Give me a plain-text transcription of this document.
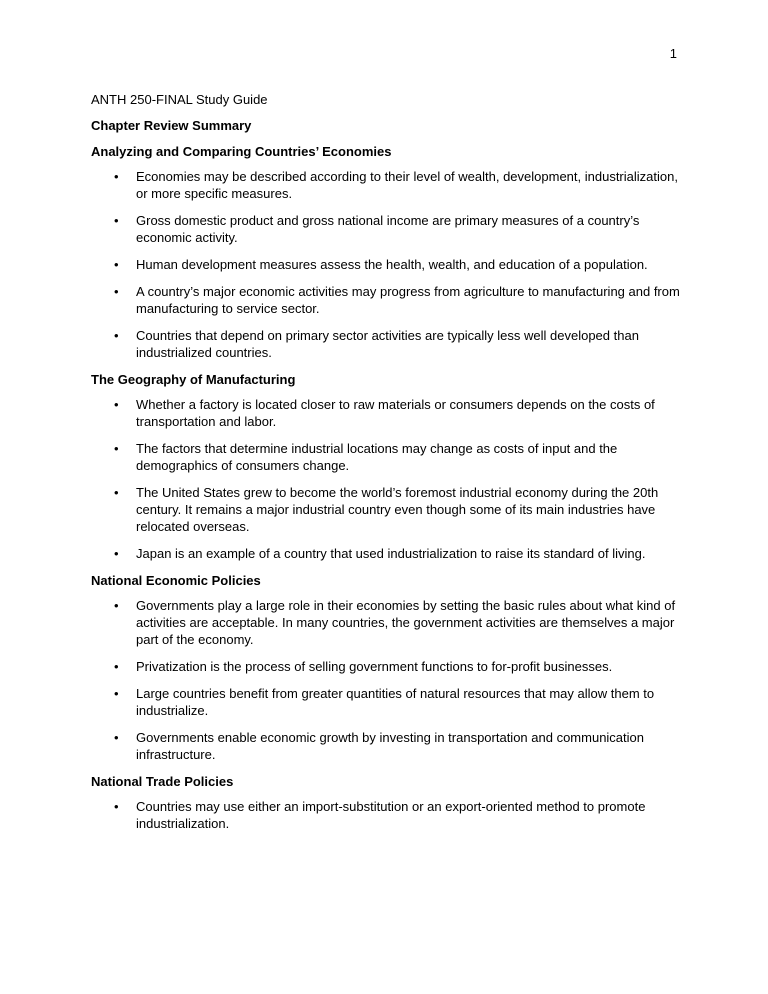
1
ANTH 250-FINAL Study Guide
Chapter Review Summary
Analyzing and Comparing Countries’ Economies
• Economies may be described according to their level of wealth, development, industrialization, or more specific measures.
• Gross domestic product and gross national income are primary measures of a country’s economic activity.
• Human development measures assess the health, wealth, and education of a population.
• A country’s major economic activities may progress from agriculture to manufacturing and from manufacturing to service sector.
• Countries that depend on primary sector activities are typically less well developed than industrialized countries.
The Geography of Manufacturing
• Whether a factory is located closer to raw materials or consumers depends on the costs of transportation and labor.
• The factors that determine industrial locations may change as costs of input and the demographics of consumers change.
• The United States grew to become the world’s foremost industrial economy during the 20th century. It remains a major industrial country even though some of its main industries have relocated overseas.
• Japan is an example of a country that used industrialization to raise its standard of living.
National Economic Policies
• Governments play a large role in their economies by setting the basic rules about what kind of activities are acceptable. In many countries, the government activities are themselves a major part of the economy.
• Privatization is the process of selling government functions to for-profit businesses.
• Large countries benefit from greater quantities of natural resources that may allow them to industrialize.
• Governments enable economic growth by investing in transportation and communication infrastructure.
National Trade Policies
• Countries may use either an import-substitution or an export-oriented method to promote industrialization.
